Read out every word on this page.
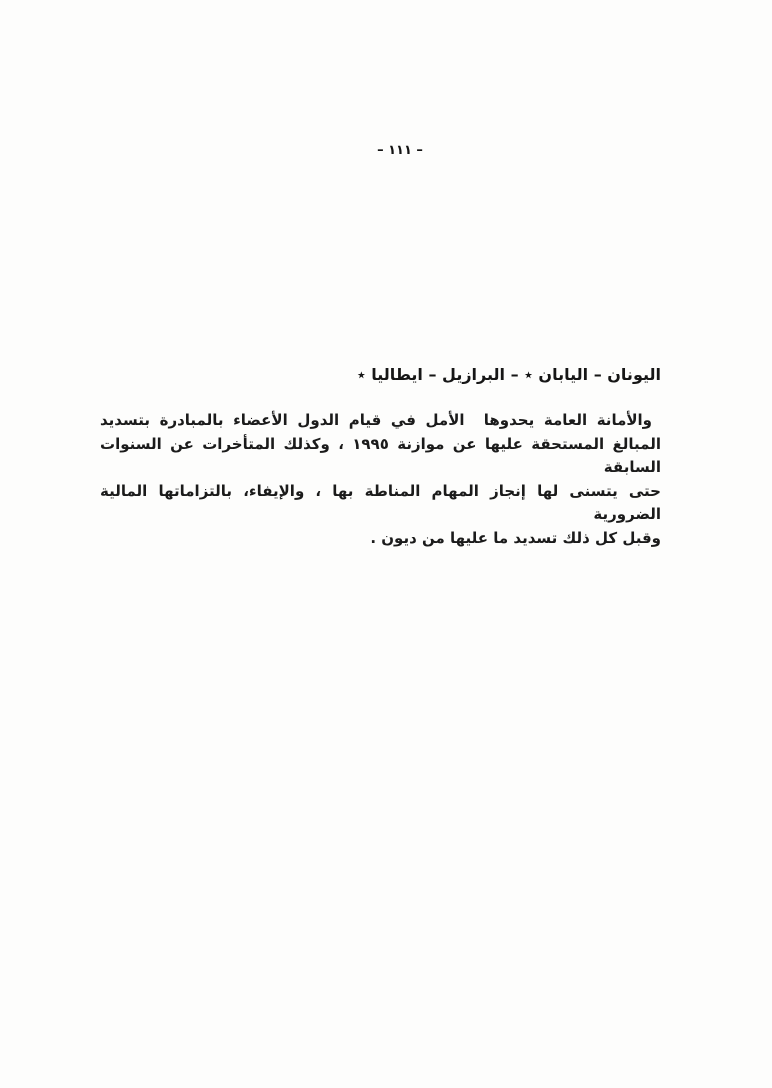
– ١١١ –
اليونان – اليابان ٭ – البرازيل – ايطاليا ٭
والأمانة العامة يحدوها  الأمل في قيام الدول الأعضاء بالمبادرة بتسديد
المبالغ المستحقة عليها عن موازنة ١٩٩٥ ، وكذلك المتأخرات عن السنوات السابقة
حتى يتسنى لها إنجاز المهام المناطة بها ، والإيفاء، بالتزاماتها المالية الضرورية
وقبل كل ذلك تسديد ما عليها من ديون .
